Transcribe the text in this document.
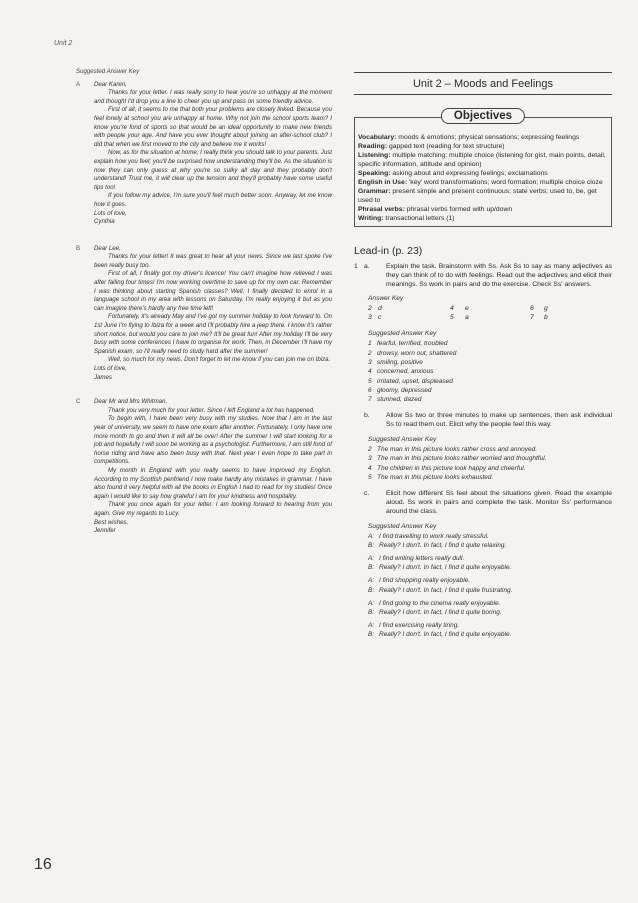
Unit 2
Suggested Answer Key
A Dear Karen,

Thanks for your letter. I was really sorry to hear you're so unhappy at the moment and thought I'd drop you a line to cheer you up and pass on some friendly advice.

First of all, it seems to me that both your problems are closely linked. Because you feel lonely at school you are unhappy at home. Why not join the school sports team? I know you're fond of sports so that would be an ideal opportunity to make new friends with people your age. And have you ever thought about joining an after-school club? I did that when we first moved to the city and believe me it works!

Now, as for the situation at home, I really think you should talk to your parents. Just explain how you feel; you'll be surprised how understanding they'll be. As the situation is now they can only guess at why you're so sulky all day and they probably don't understand! Trust me, it will clear up the tension and they'll probably have some useful tips too!

If you follow my advice, I'm sure you'll feel much better soon. Anyway, let me know how it goes.

Lots of love,

Cynthia

B Dear Lee,

Thanks for your letter! It was great to hear all your news. Since we last spoke I've been really busy too.

First of all, I finally got my driver's licence! You can't imagine how relieved I was after failing four times! I'm now working overtime to save up for my own car. Remember I was thinking about starting Spanish classes? Well, I finally decided to enrol in a language school in my area with lessons on Saturday. I'm really enjoying it but as you can imagine there's hardly any free time left!

Fortunately, it's already May and I've got my summer holiday to look forward to. On 1st June I'm flying to Ibiza for a week and I'll probably hire a jeep there. I know it's rather short notice, but would you care to join me? It'll be great fun! After my holiday I'll be very busy with some conferences I have to organise for work. Then, in December I'll have my Spanish exam, so I'll really need to study hard after the summer!

Well, so much for my news. Don't forget to let me know if you can join me on Ibiza.

Lots of love,

James

C Dear Mr and Mrs Whitman,

Thank you very much for your letter. Since I left England a lot has happened.

To begin with, I have been very busy with my studies. Now that I am in the last year of university, we seem to have one exam after another. Fortunately, I only have one more month to go and then it will all be over! After the summer I will start looking for a job and hopefully I will soon be working as a psychologist. Furthermore, I am still fond of horse riding and have also been busy with that. Next year I even hope to take part in competitions.

My month in England with you really seems to have improved my English. According to my Scottish penfriend I now make hardly any mistakes in grammar. I have also found it very helpful with all the books in English I had to read for my studies! Once again I would like to say how grateful I am for your kindness and hospitality.

Thank you once again for your letter. I am looking forward to hearing from you again. Give my regards to Lucy.

Best wishes,

Jennifer

Unit 2 – Moods and Feelings
Objectives
Vocabulary: moods & emotions; physical sensations; expressing feelings
Reading: gapped text (reading for text structure)
Listening: multiple matching; multiple choice (listening for gist, main points, detail, specific information, attitude and opinion)
Speaking: asking about and expressing feelings; exclamations
English in Use: 'key' word transformations; word formation; multiple choice cloze
Grammar: present simple and present continuous; state verbs; used to, be, get used to
Phrasal verbs: phrasal verbs formed with up/down
Writing: transactional letters (1)
Lead-in (p. 23)

1 a. Explain the task. Brainstorm with Ss. Ask Ss to say as many adjectives as they can think of to do with feelings. Read out the adjectives and elicit their meanings. Ss work in pairs and do the exercise. Check Ss' answers.

Answer Key
2 d	4 e	6 g
3 c	5 a	7 b
Suggested Answer Key
1 fearful, terrified, troubled
2 drowsy, worn out, shattered
3 smiling, positive
4 concerned, anxious
5 irritated, upset, displeased
6 gloomy, depressed
7 stunned, dazed

b. Allow Ss two or three minutes to make up sentences, then ask individual Ss to read them out. Elicit why the people feel this way.

Suggested Answer Key
2 The man in this picture looks rather cross and annoyed.
3 The man in this picture looks rather worried and thoughtful.
4 The children in this picture look happy and cheerful.
5 The man in this picture looks exhausted.

c. Elicit how different Ss feel about the situations given. Read the example aloud. Ss work in pairs and complete the task. Monitor Ss' performance around the class.

Suggested Answer Key
A: I find travelling to work really stressful.
B: Really? I don't. In fact, I find it quite relaxing.
A: I find writing letters really dull.
B: Really? I don't. In fact, I find it quite enjoyable.
A: I find shopping really enjoyable.
B: Really? I don't. In fact, I find it quite frustrating.
A: I find going to the cinema really enjoyable.
B: Really? I don't. In fact, I find it quite boring.
A: I find exercising really tiring.
B: Really? I don't. In fact, I find it quite enjoyable.
16
